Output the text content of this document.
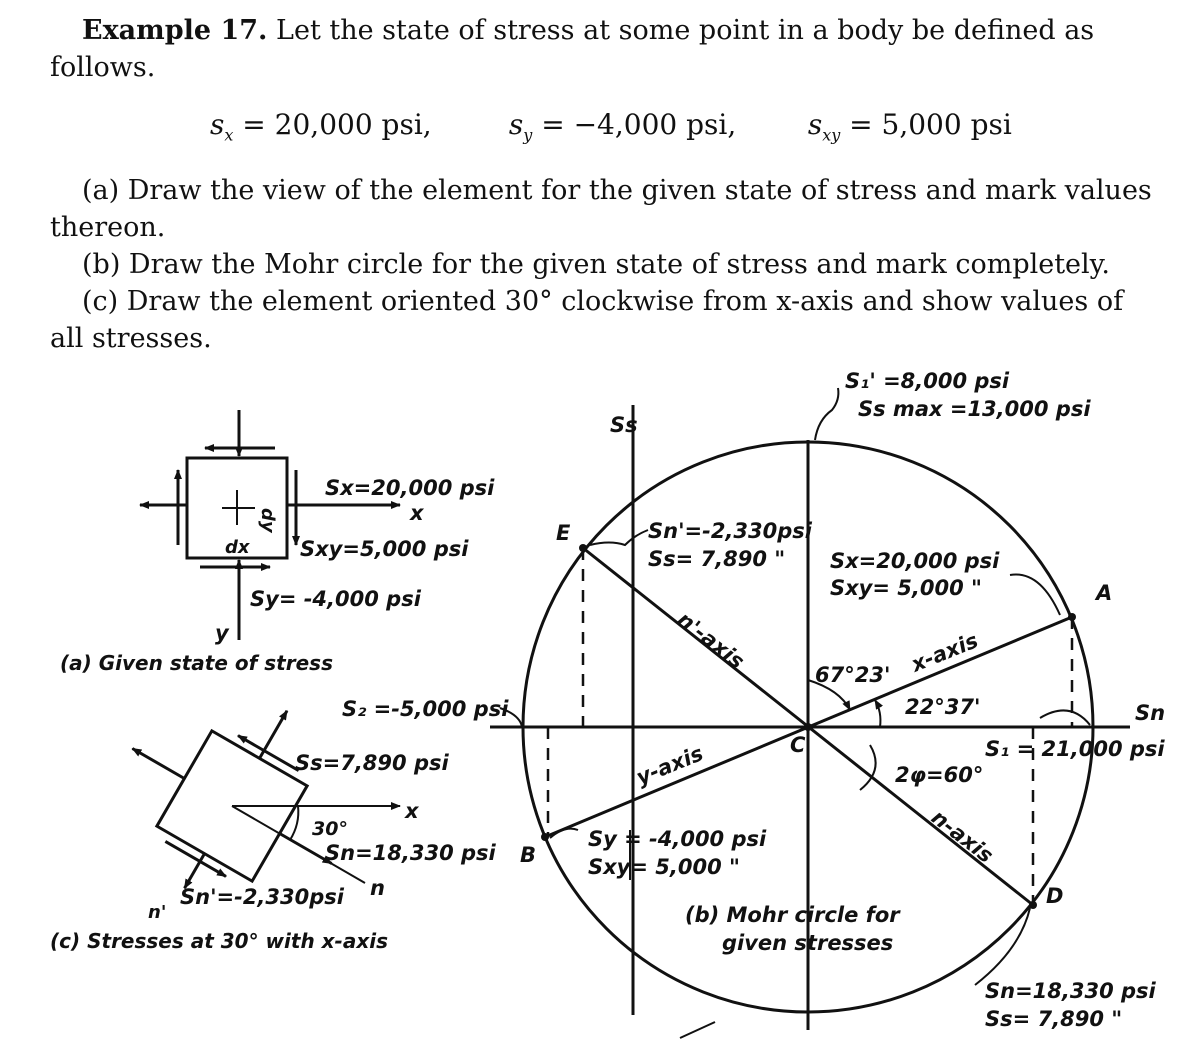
Example 17. Let the state of stress at some point in a body be defined as follows.

$s_x = 20,000$ psi,	$s_y = -4,000$ psi,	$s_{xy} = 5,000$ psi

(a) Draw the view of the element for the given state of stress and mark values thereon.

(b) Draw the Mohr circle for the given state of stress and mark completely.

(c) Draw the element oriented 30° clockwise from x-axis and show values of all stresses.

Sx=20,000 psi
x
Sxy=5,000 psi
Sy= -4,000 psi
y
dx
dy
(a) Given state of stress
Ss=7,890 psi
x
30°
Sn=18,330 psi
n
n'
Sn'=-2,330psi
(c) Stresses at 30° with x-axis
S₁' =8,000 psi
Ss max =13,000 psi
Ss
Sn
E	Sn'=-2,330psi
Ss= 7,890 " Sx=20,000 psi
Sxy= 5,000 "	A
n'-axis	x-axis
67°23'
22°37'
S₂ =-5,000 psi
S₁ = 21,000 psi
C
y-axis	2φ=60°
n-axis
B
Sy = -4,000 psi
Sxy= 5,000 "
D
(b) Mohr circle for
given stresses
Sn=18,330 psi
Ss= 7,890 "
